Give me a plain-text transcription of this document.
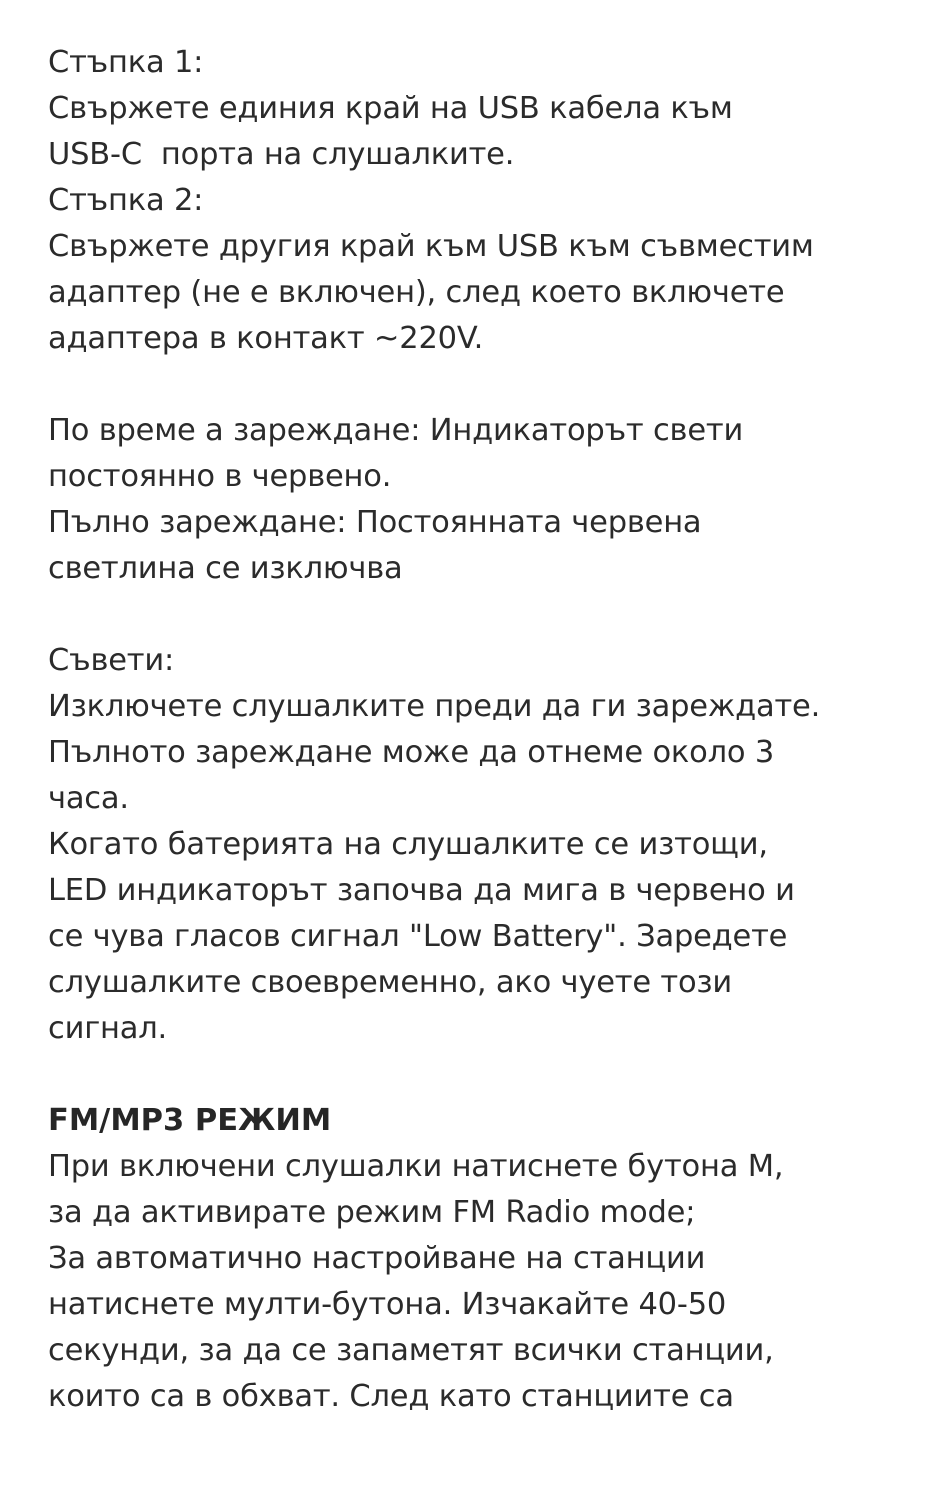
Стъпка 1:
Свържете единия край на USB кабела към
USB-C  порта на слушалките.
Стъпка 2:
Свържете другия край към USB към съвместим
адаптер (не е включен), след което включете
адаптера в контакт ~220V.
По време а зареждане: Индикаторът свети
постоянно в червено.
Пълно зареждане: Постоянната червена
светлина се изключва
Съвети:
Изключете слушалките преди да ги зареждате.
Пълното зареждане може да отнеме около 3
часа.
Когато батерията на слушалките се изтощи,
LED индикаторът започва да мига в червено и
се чува гласов сигнал "Low Battery". Заредете
слушалките своевременно, ако чуете този
сигнал.
FM/MP3 РЕЖИМ
При включени слушалки натиснете бутона M,
за да активирате режим FM Radio mode;
За автоматично настройване на станции
натиснете мулти-бутона. Изчакайте 40-50
секунди, за да се запаметят всички станции,
които са в обхват. След като станциите са
